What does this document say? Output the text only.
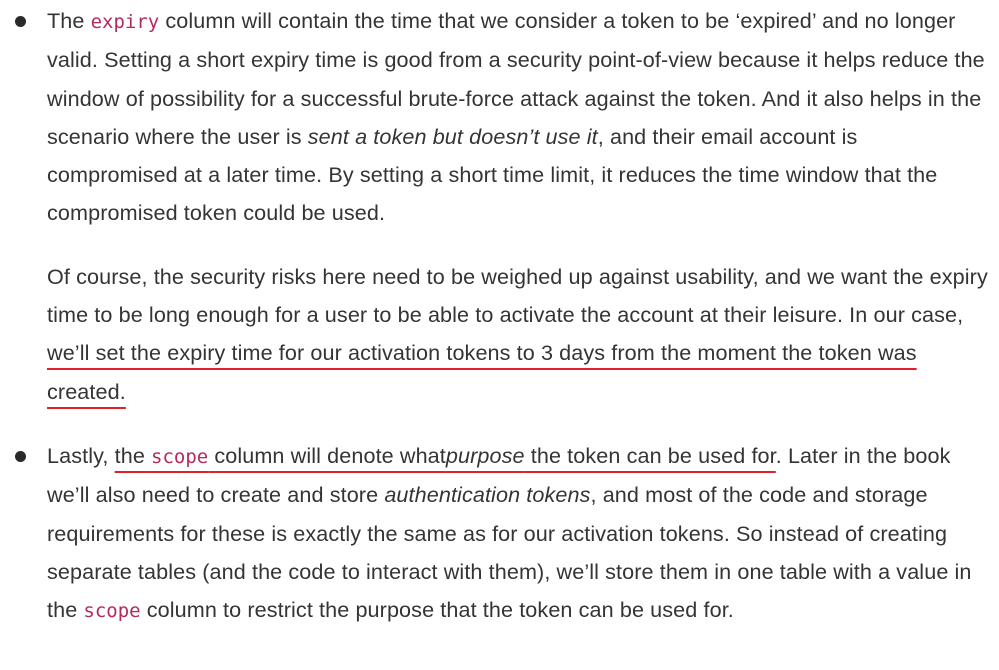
The expiry column will contain the time that we consider a token to be ‘expired’ and no longer valid. Setting a short expiry time is good from a security point-of-view because it helps reduce the window of possibility for a successful brute-force attack against the token. And it also helps in the scenario where the user is sent a token but doesn’t use it, and their email account is compromised at a later time. By setting a short time limit, it reduces the time window that the compromised token could be used.

Of course, the security risks here need to be weighed up against usability, and we want the expiry time to be long enough for a user to be able to activate the account at their leisure. In our case, we’ll set the expiry time for our activation tokens to 3 days from the moment the token was created.

Lastly, the scope column will denote whatpurpose the token can be used for. Later in the book we’ll also need to create and store authentication tokens, and most of the code and storage requirements for these is exactly the same as for our activation tokens. So instead of creating separate tables (and the code to interact with them), we’ll store them in one table with a value in the scope column to restrict the purpose that the token can be used for.
